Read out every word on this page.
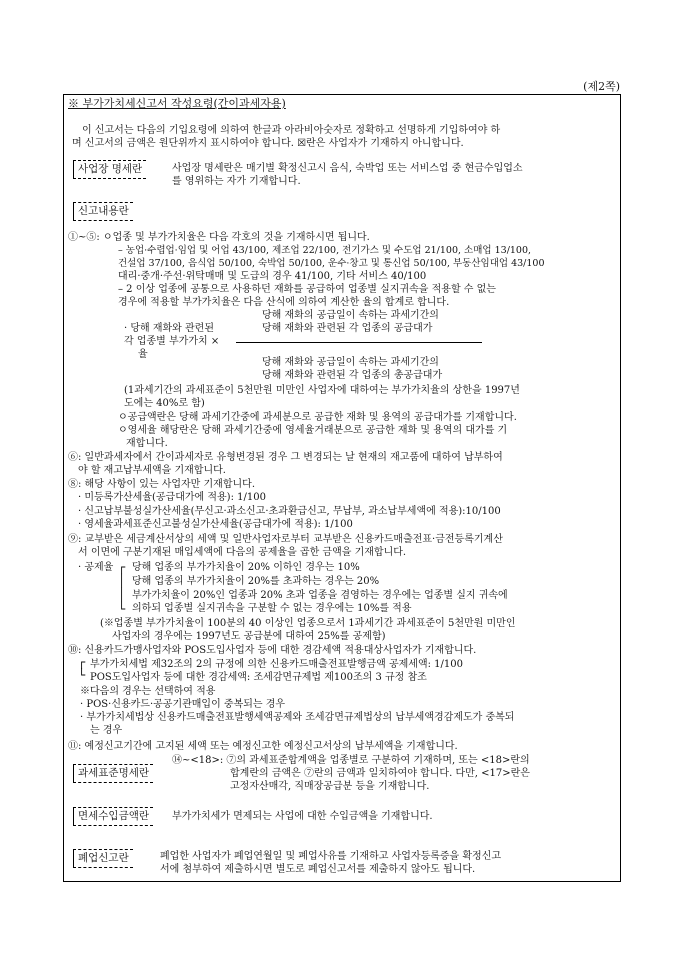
(제2쪽)
※ 부가가치세신고서 작성요령(간이과세자용)
이 신고서는 다음의 기입요령에 의하여 한글과 아라비아숫자로 정확하고 선명하게 기입하여야 하
며 신고서의 금액은 원단위까지 표시하여야 합니다. ☒란은 사업자가 기재하지 아니합니다.
사업장 명세란	사업장 명세란은 매기별 확정신고시 음식, 숙박업 또는 서비스업 중 현금수입업소
를 영위하는 자가 기재합니다.
신고내용란
①~⑤: ㅇ업종 및 부가가치율은 다음 각호의 것을 기재하시면 됩니다.
– 농업·수렵업·임업 및 어업 43/100, 제조업 22/100, 전기가스 및 수도업 21/100, 소매업 13/100,
건설업 37/100, 음식업 50/100, 숙박업 50/100, 운수·창고 및 통신업 50/100, 부동산임대업 43/100
대리·중개·주선·위탁매매 및 도급의 경우 41/100, 기타 서비스 40/100
– 2 이상 업종에 공통으로 사용하던 재화를 공급하여 업종별 실지귀속을 적용할 수 없는
경우에 적용할 부가가치율은 다음 산식에 의하여 계산한 율의 합계로 합니다.
당해 재화의 공급일이 속하는 과세기간의
· 당해 재화와 관련된	당해 재화와 관련된 각 업종의 공급대가
각 업종별 부가가치 ×
율
당해 재화와 공급일이 속하는 과세기간의
당해 재화와 관련된 각 업종의 총공급대가
(1과세기간의 과세표준이 5천만원 미만인 사업자에 대하여는 부가가치율의 상한을 1997년
도에는 40%로 함)
ㅇ공급액란은 당해 과세기간중에 과세분으로 공급한 재화 및 용역의 공급대가를 기재합니다.
ㅇ영세율 해당란은 당해 과세기간중에 영세율거래분으로 공급한 재화 및 용역의 대가를 기
재합니다.
⑥: 일반과세자에서 간이과세자로 유형변경된 경우 그 변경되는 날 현재의 재고품에 대하여 납부하여
야 할 재고납부세액을 기재합니다.
⑧: 해당 사항이 있는 사업자만 기재합니다.
· 미등록가산세율(공급대가에 적용): 1/100
· 신고납부불성실가산세율(무신고·과소신고·초과환급신고, 무납부, 과소납부세액에 적용):10/100
· 영세율과세표준신고불성실가산세율(공급대가에 적용): 1/100
⑨: 교부받은 세금계산서상의 세액 및 일반사업자로부터 교부받은 신용카드매출전표·금전등록기계산
서 이면에 구분기재된 매입세액에 다음의 공제율을 곱한 금액을 기재합니다.
· 공제율 ┌
│
│
└
당해 업종의 부가가치율이 20% 이하인 경우는 10%
당해 업종의 부가가치율이 20%를 초과하는 경우는 20%
부가가치율이 20%인 업종과 20% 초과 업종을 겸영하는 경우에는 업종별 실지 귀속에
의하되 업종별 실지귀속을 구분할 수 없는 경우에는 10%를 적용
(※업종별 부가가치율이 100분의 40 이상인 업종으로서 1과세기간 과세표준이 5천만원 미만인
사업자의 경우에는 1997년도 공급분에 대하여 25%를 공제함)
⑩: 신용카드가맹사업자와 POS도입사업자 등에 대한 경감세액 적용대상사업자가 기재합니다.
┌
└
부가가치세법 제32조의 2의 규정에 의한 신용카드매출전표발행금액 공제세액: 1/100
POS도입사업자 등에 대한 경감세액: 조세감면규제법 제100조의 3 규정 참조
※다음의 경우는 선택하여 적용
· POS·신용카드·공공기관매입이 중복되는 경우
· 부가가치세법상 신용카드매출전표발행세액공제와 조세감면규제법상의 납부세액경감제도가 중복되
는 경우
⑪: 예정신고기간에 고지된 세액 또는 예정신고한 예정신고서상의 납부세액을 기재합니다.
과세표준명세란
⑭~<18>: ⑦의 과세표준합계액을 업종별로 구분하여 기재하며, 또는 <18>란의
합계란의 금액은 ⑦란의 금액과 일치하여야 합니다. 다만, <17>란은
고정자산매각, 직매장공급분 등을 기재합니다.
면세수입금액란	부가가치세가 면제되는 사업에 대한 수입금액을 기재합니다.
폐업신고란	폐업한 사업자가 폐업연월일 및 폐업사유를 기재하고 사업자등록증을 확정신고
서에 첨부하여 제출하시면 별도로 폐업신고서를 제출하지 않아도 됩니다.
